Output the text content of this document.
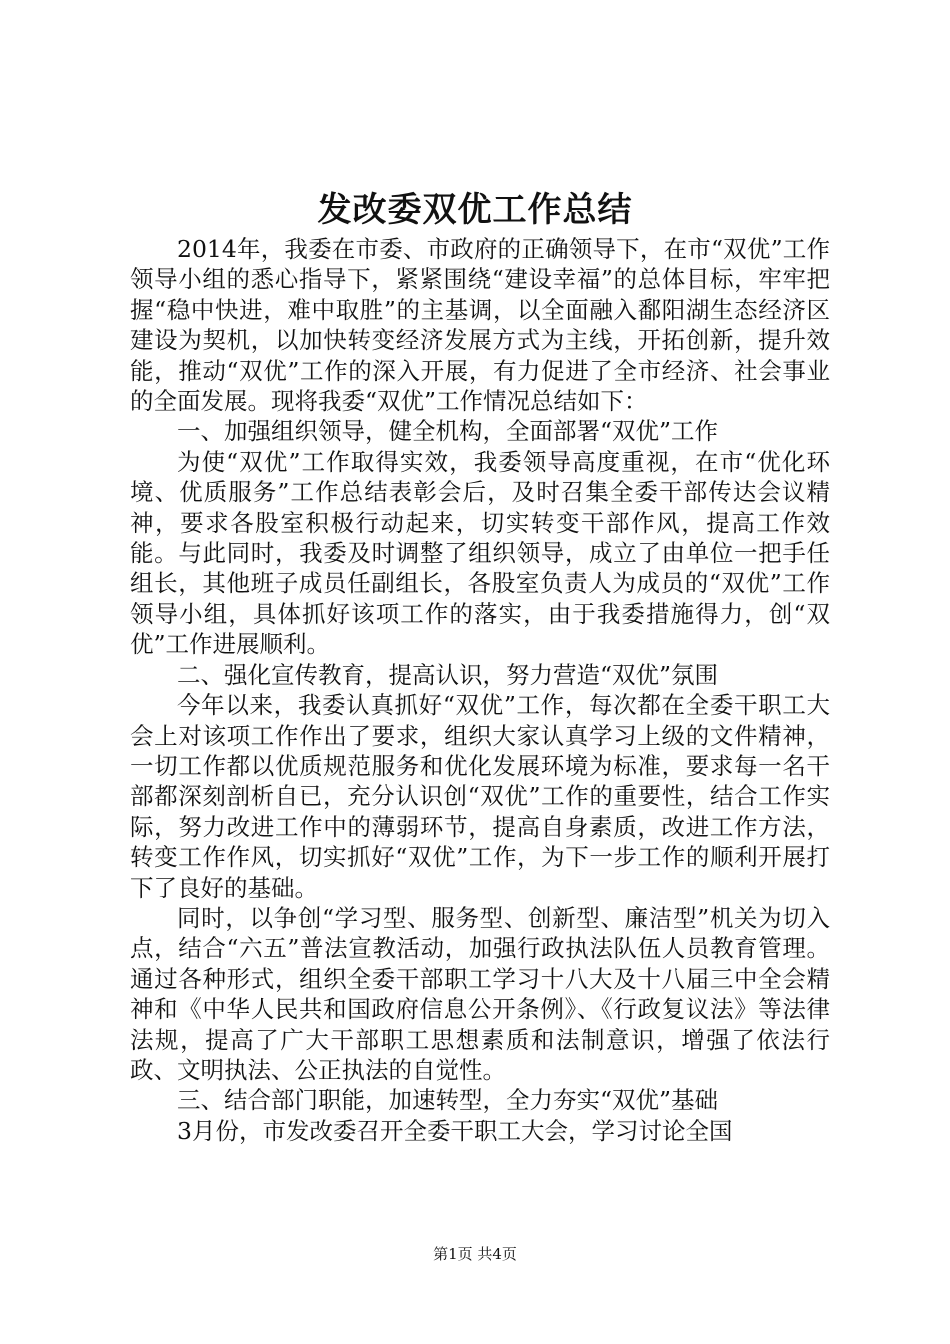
发改委双优工作总结

2014年，我委在市委、市政府的正确领导下，在市“双优”工作领导小组的悉心指导下，紧紧围绕“建设幸福”的总体目标，牢牢把握“稳中快进，难中取胜”的主基调，以全面融入鄱阳湖生态经济区建设为契机，以加快转变经济发展方式为主线，开拓创新，提升效能，推动“双优”工作的深入开展，有力促进了全市经济、社会事业的全面发展。现将我委“双优”工作情况总结如下：

一、加强组织领导，健全机构，全面部署“双优”工作

为使“双优”工作取得实效，我委领导高度重视，在市“优化环境、优质服务”工作总结表彰会后，及时召集全委干部传达会议精神，要求各股室积极行动起来，切实转变干部作风，提高工作效能。与此同时，我委及时调整了组织领导，成立了由单位一把手任组长，其他班子成员任副组长，各股室负责人为成员的“双优”工作领导小组，具体抓好该项工作的落实，由于我委措施得力，创“双优”工作进展顺利。

二、强化宣传教育，提高认识，努力营造“双优”氛围

今年以来，我委认真抓好“双优”工作，每次都在全委干职工大会上对该项工作作出了要求，组织大家认真学习上级的文件精神，一切工作都以优质规范服务和优化发展环境为标准，要求每一名干部都深刻剖析自已，充分认识创“双优”工作的重要性，结合工作实际，努力改进工作中的薄弱环节，提高自身素质，改进工作方法，转变工作作风，切实抓好“双优”工作，为下一步工作的顺利开展打下了良好的基础。

同时，以争创“学习型、服务型、创新型、廉洁型”机关为切入点，结合“六五”普法宣教活动，加强行政执法队伍人员教育管理。通过各种形式，组织全委干部职工学习十八大及十八届三中全会精神和《中华人民共和国政府信息公开条例》、《行政复议法》等法律法规，提高了广大干部职工思想素质和法制意识，增强了依法行政、文明执法、公正执法的自觉性。

三、结合部门职能，加速转型，全力夯实“双优”基础

3月份，市发改委召开全委干职工大会，学习讨论全国

第1页 共4页
